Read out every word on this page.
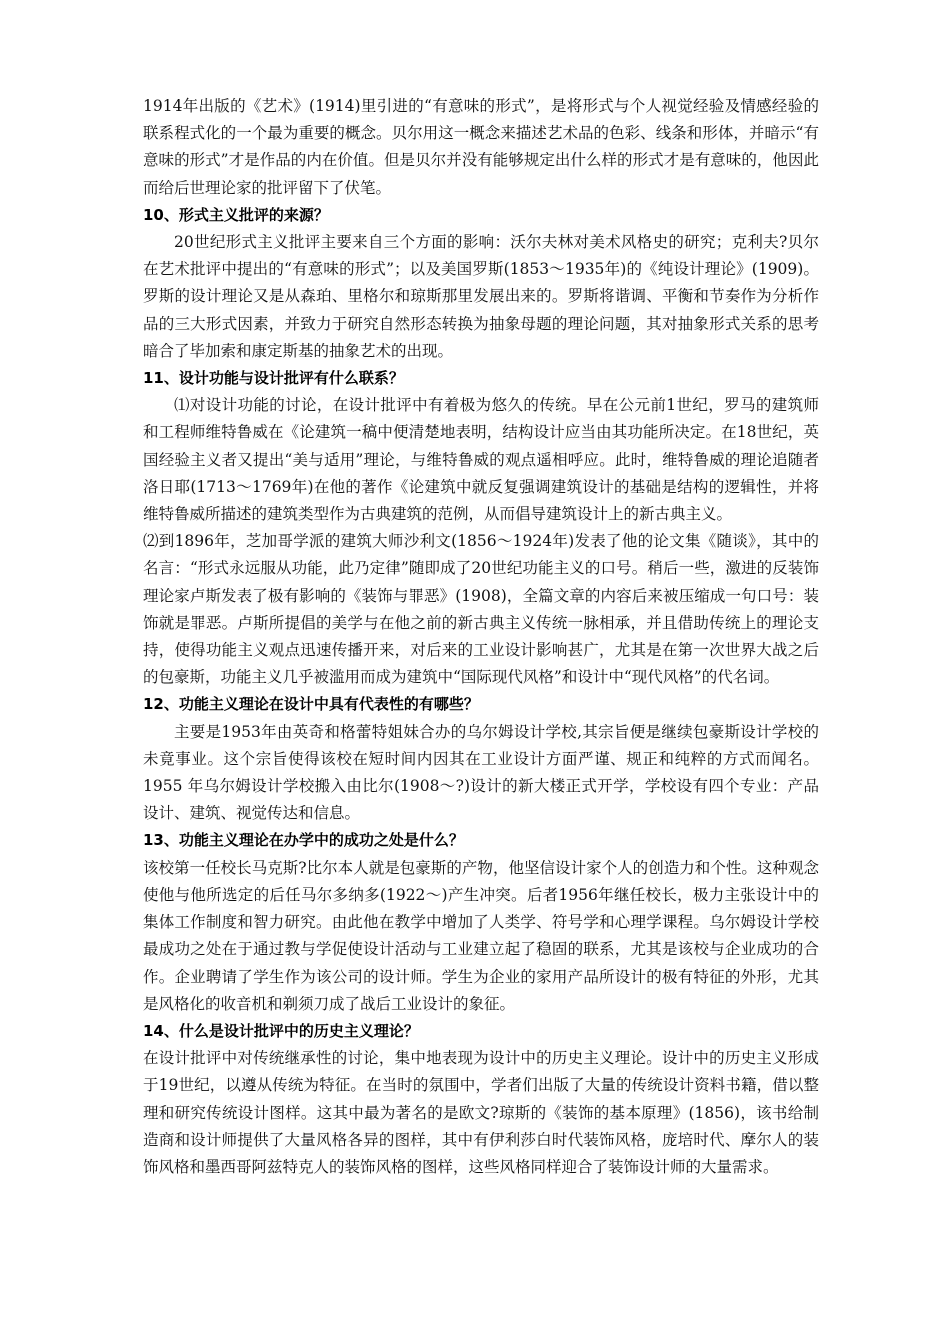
1914年出版的《艺术》(1914)里引进的“有意味的形式”，是将形式与个人视觉经验及情感经验的联系程式化的一个最为重要的概念。贝尔用这一概念来描述艺术品的色彩、线条和形体，并暗示“有意味的形式”才是作品的内在价值。但是贝尔并没有能够规定出什么样的形式才是有意味的，他因此而给后世理论家的批评留下了伏笔。

10、形式主义批评的来源？

20世纪形式主义批评主要来自三个方面的影响：沃尔夫林对美术风格史的研究；克利夫?贝尔在艺术批评中提出的“有意味的形式”；以及美国罗斯(1853～1935年)的《纯设计理论》(1909)。罗斯的设计理论又是从森珀、里格尔和琼斯那里发展出来的。罗斯将谐调、平衡和节奏作为分析作品的三大形式因素，并致力于研究自然形态转换为抽象母题的理论问题，其对抽象形式关系的思考暗合了毕加索和康定斯基的抽象艺术的出现。

11、设计功能与设计批评有什么联系？

⑴对设计功能的讨论，在设计批评中有着极为悠久的传统。早在公元前1世纪，罗马的建筑师和工程师维特鲁威在《论建筑一稿中便清楚地表明，结构设计应当由其功能所决定。在18世纪，英国经验主义者又提出“美与适用”理论，与维特鲁威的观点遥相呼应。此时，维特鲁威的理论追随者洛日耶(1713～1769年)在他的著作《论建筑中就反复强调建筑设计的基础是结构的逻辑性，并将维特鲁威所描述的建筑类型作为古典建筑的范例，从而倡导建筑设计上的新古典主义。

⑵到1896年，芝加哥学派的建筑大师沙利文(1856～1924年)发表了他的论文集《随谈》，其中的名言：“形式永远服从功能，此乃定律”随即成了20世纪功能主义的口号。稍后一些，激进的反装饰理论家卢斯发表了极有影响的《装饰与罪恶》(1908)，全篇文章的内容后来被压缩成一句口号：装饰就是罪恶。卢斯所提倡的美学与在他之前的新古典主义传统一脉相承，并且借助传统上的理论支持，使得功能主义观点迅速传播开来，对后来的工业设计影响甚广，尤其是在第一次世界大战之后的包豪斯，功能主义几乎被滥用而成为建筑中“国际现代风格”和设计中“现代风格”的代名词。

12、功能主义理论在设计中具有代表性的有哪些？

主要是1953年由英奇和格蕾特姐妹合办的乌尔姆设计学校,其宗旨便是继续包豪斯设计学校的未竟事业。这个宗旨使得该校在短时间内因其在工业设计方面严谨、规正和纯粹的方式而闻名。1955 年乌尔姆设计学校搬入由比尔(1908～?)设计的新大楼正式开学，学校设有四个专业：产品设计、建筑、视觉传达和信息。

13、功能主义理论在办学中的成功之处是什么？

该校第一任校长马克斯?比尔本人就是包豪斯的产物，他坚信设计家个人的创造力和个性。这种观念使他与他所选定的后任马尔多纳多(1922～)产生冲突。后者1956年继任校长，极力主张设计中的集体工作制度和智力研究。由此他在教学中增加了人类学、符号学和心理学课程。乌尔姆设计学校最成功之处在于通过教与学促使设计活动与工业建立起了稳固的联系，尤其是该校与企业成功的合作。企业聘请了学生作为该公司的设计师。学生为企业的家用产品所设计的极有特征的外形，尤其是风格化的收音机和剃须刀成了战后工业设计的象征。

14、什么是设计批评中的历史主义理论？

在设计批评中对传统继承性的讨论，集中地表现为设计中的历史主义理论。设计中的历史主义形成于19世纪，以遵从传统为特征。在当时的氛围中，学者们出版了大量的传统设计资料书籍，借以整理和研究传统设计图样。这其中最为著名的是欧文?琼斯的《装饰的基本原理》(1856)，该书给制造商和设计师提供了大量风格各异的图样，其中有伊利莎白时代装饰风格，庞培时代、摩尔人的装饰风格和墨西哥阿兹特克人的装饰风格的图样，这些风格同样迎合了装饰设计师的大量需求。
